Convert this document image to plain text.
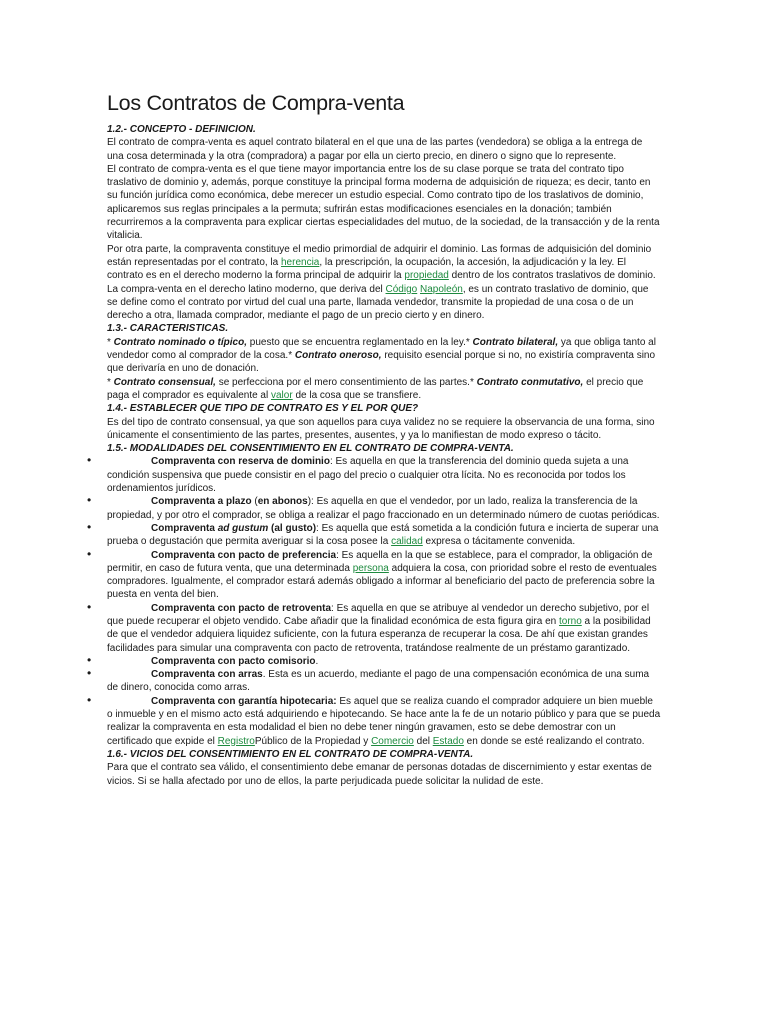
Los Contratos de Compra-venta

1.2.- CONCEPTO - DEFINICION.

El contrato de compra-venta es aquel contrato bilateral en el que una de las partes (vendedora) se obliga a la entrega de una cosa determinada y la otra (compradora) a pagar por ella un cierto precio, en dinero o signo que lo represente.

El contrato de compra-venta es el que tiene mayor importancia entre los de su clase porque se trata del contrato tipo traslativo de dominio y, además, porque constituye la principal forma moderna de adquisición de riqueza; es decir, tanto en su función jurídica como económica, debe merecer un estudio especial. Como contrato tipo de los traslativos de dominio, aplicaremos sus reglas principales a la permuta; sufrirán estas modificaciones esenciales en la donación; también recurriremos a la compraventa para explicar ciertas especialidades del mutuo, de la sociedad, de la transacción y de la renta vitalicia.

Por otra parte, la compraventa constituye el medio primordial de adquirir el dominio. Las formas de adquisición del dominio están representadas por el contrato, la herencia, la prescripción, la ocupación, la accesión, la adjudicación y la ley. El contrato es en el derecho moderno la forma principal de adquirir la propiedad dentro de los contratos traslativos de dominio.

La compra-venta en el derecho latino moderno, que deriva del Código Napoleón, es un contrato traslativo de dominio, que se define como el contrato por virtud del cual una parte, llamada vendedor, transmite la propiedad de una cosa o de un derecho a otra, llamada comprador, mediante el pago de un precio cierto y en dinero.

1.3.- CARACTERISTICAS.

* Contrato nominado o típico, puesto que se encuentra reglamentado en la ley.* Contrato bilateral, ya que obliga tanto al vendedor como al comprador de la cosa.* Contrato oneroso, requisito esencial porque si no, no existiría compraventa sino que derivaría en uno de donación.

* Contrato consensual, se perfecciona por el mero consentimiento de las partes.* Contrato conmutativo, el precio que paga el comprador es equivalente al valor de la cosa que se transfiere.

1.4.- ESTABLECER QUE TIPO DE CONTRATO ES Y EL POR QUE?

Es del tipo de contrato consensual, ya que son aquellos para cuya validez no se requiere la observancia de una forma, sino únicamente el consentimiento de las partes, presentes, ausentes, y ya lo manifiestan de modo expreso o tácito.

1.5.- MODALIDADES DEL CONSENTIMIENTO EN EL CONTRATO DE COMPRA-VENTA.

• Compraventa con reserva de dominio: Es aquella en que la transferencia del dominio queda sujeta a una condición suspensiva que puede consistir en el pago del precio o cualquier otra lícita. No es reconocida por todos los ordenamientos jurídicos.
• Compraventa a plazo (en abonos): Es aquella en que el vendedor, por un lado, realiza la transferencia de la propiedad, y por otro el comprador, se obliga a realizar el pago fraccionado en un determinado número de cuotas periódicas.
• Compraventa ad gustum (al gusto): Es aquella que está sometida a la condición futura e incierta de superar una prueba o degustación que permita averiguar si la cosa posee la calidad expresa o tácitamente convenida.
• Compraventa con pacto de preferencia: Es aquella en la que se establece, para el comprador, la obligación de permitir, en caso de futura venta, que una determinada persona adquiera la cosa, con prioridad sobre el resto de eventuales compradores. Igualmente, el comprador estará además obligado a informar al beneficiario del pacto de preferencia sobre la puesta en venta del bien.
• Compraventa con pacto de retroventa: Es aquella en que se atribuye al vendedor un derecho subjetivo, por el que puede recuperar el objeto vendido. Cabe añadir que la finalidad económica de esta figura gira en torno a la posibilidad de que el vendedor adquiera liquidez suficiente, con la futura esperanza de recuperar la cosa. De ahí que existan grandes facilidades para simular una compraventa con pacto de retroventa, tratándose realmente de un préstamo garantizado.
• Compraventa con pacto comisorio.
• Compraventa con arras. Esta es un acuerdo, mediante el pago de una compensación económica de una suma de dinero, conocida como arras.
• Compraventa con garantía hipotecaria: Es aquel que se realiza cuando el comprador adquiere un bien mueble o inmueble y en el mismo acto está adquiriendo e hipotecando. Se hace ante la fe de un notario público y para que se pueda realizar la compraventa en esta modalidad el bien no debe tener ningún gravamen, esto se debe demostrar con un certificado que expide el RegistroPúblico de la Propiedad y Comercio del Estado en donde se esté realizando el contrato.

1.6.- VICIOS DEL CONSENTIMIENTO EN EL CONTRATO DE COMPRA-VENTA.

Para que el contrato sea válido, el consentimiento debe emanar de personas dotadas de discernimiento y estar exentas de vicios. Si se halla afectado por uno de ellos, la parte perjudicada puede solicitar la nulidad de este.
